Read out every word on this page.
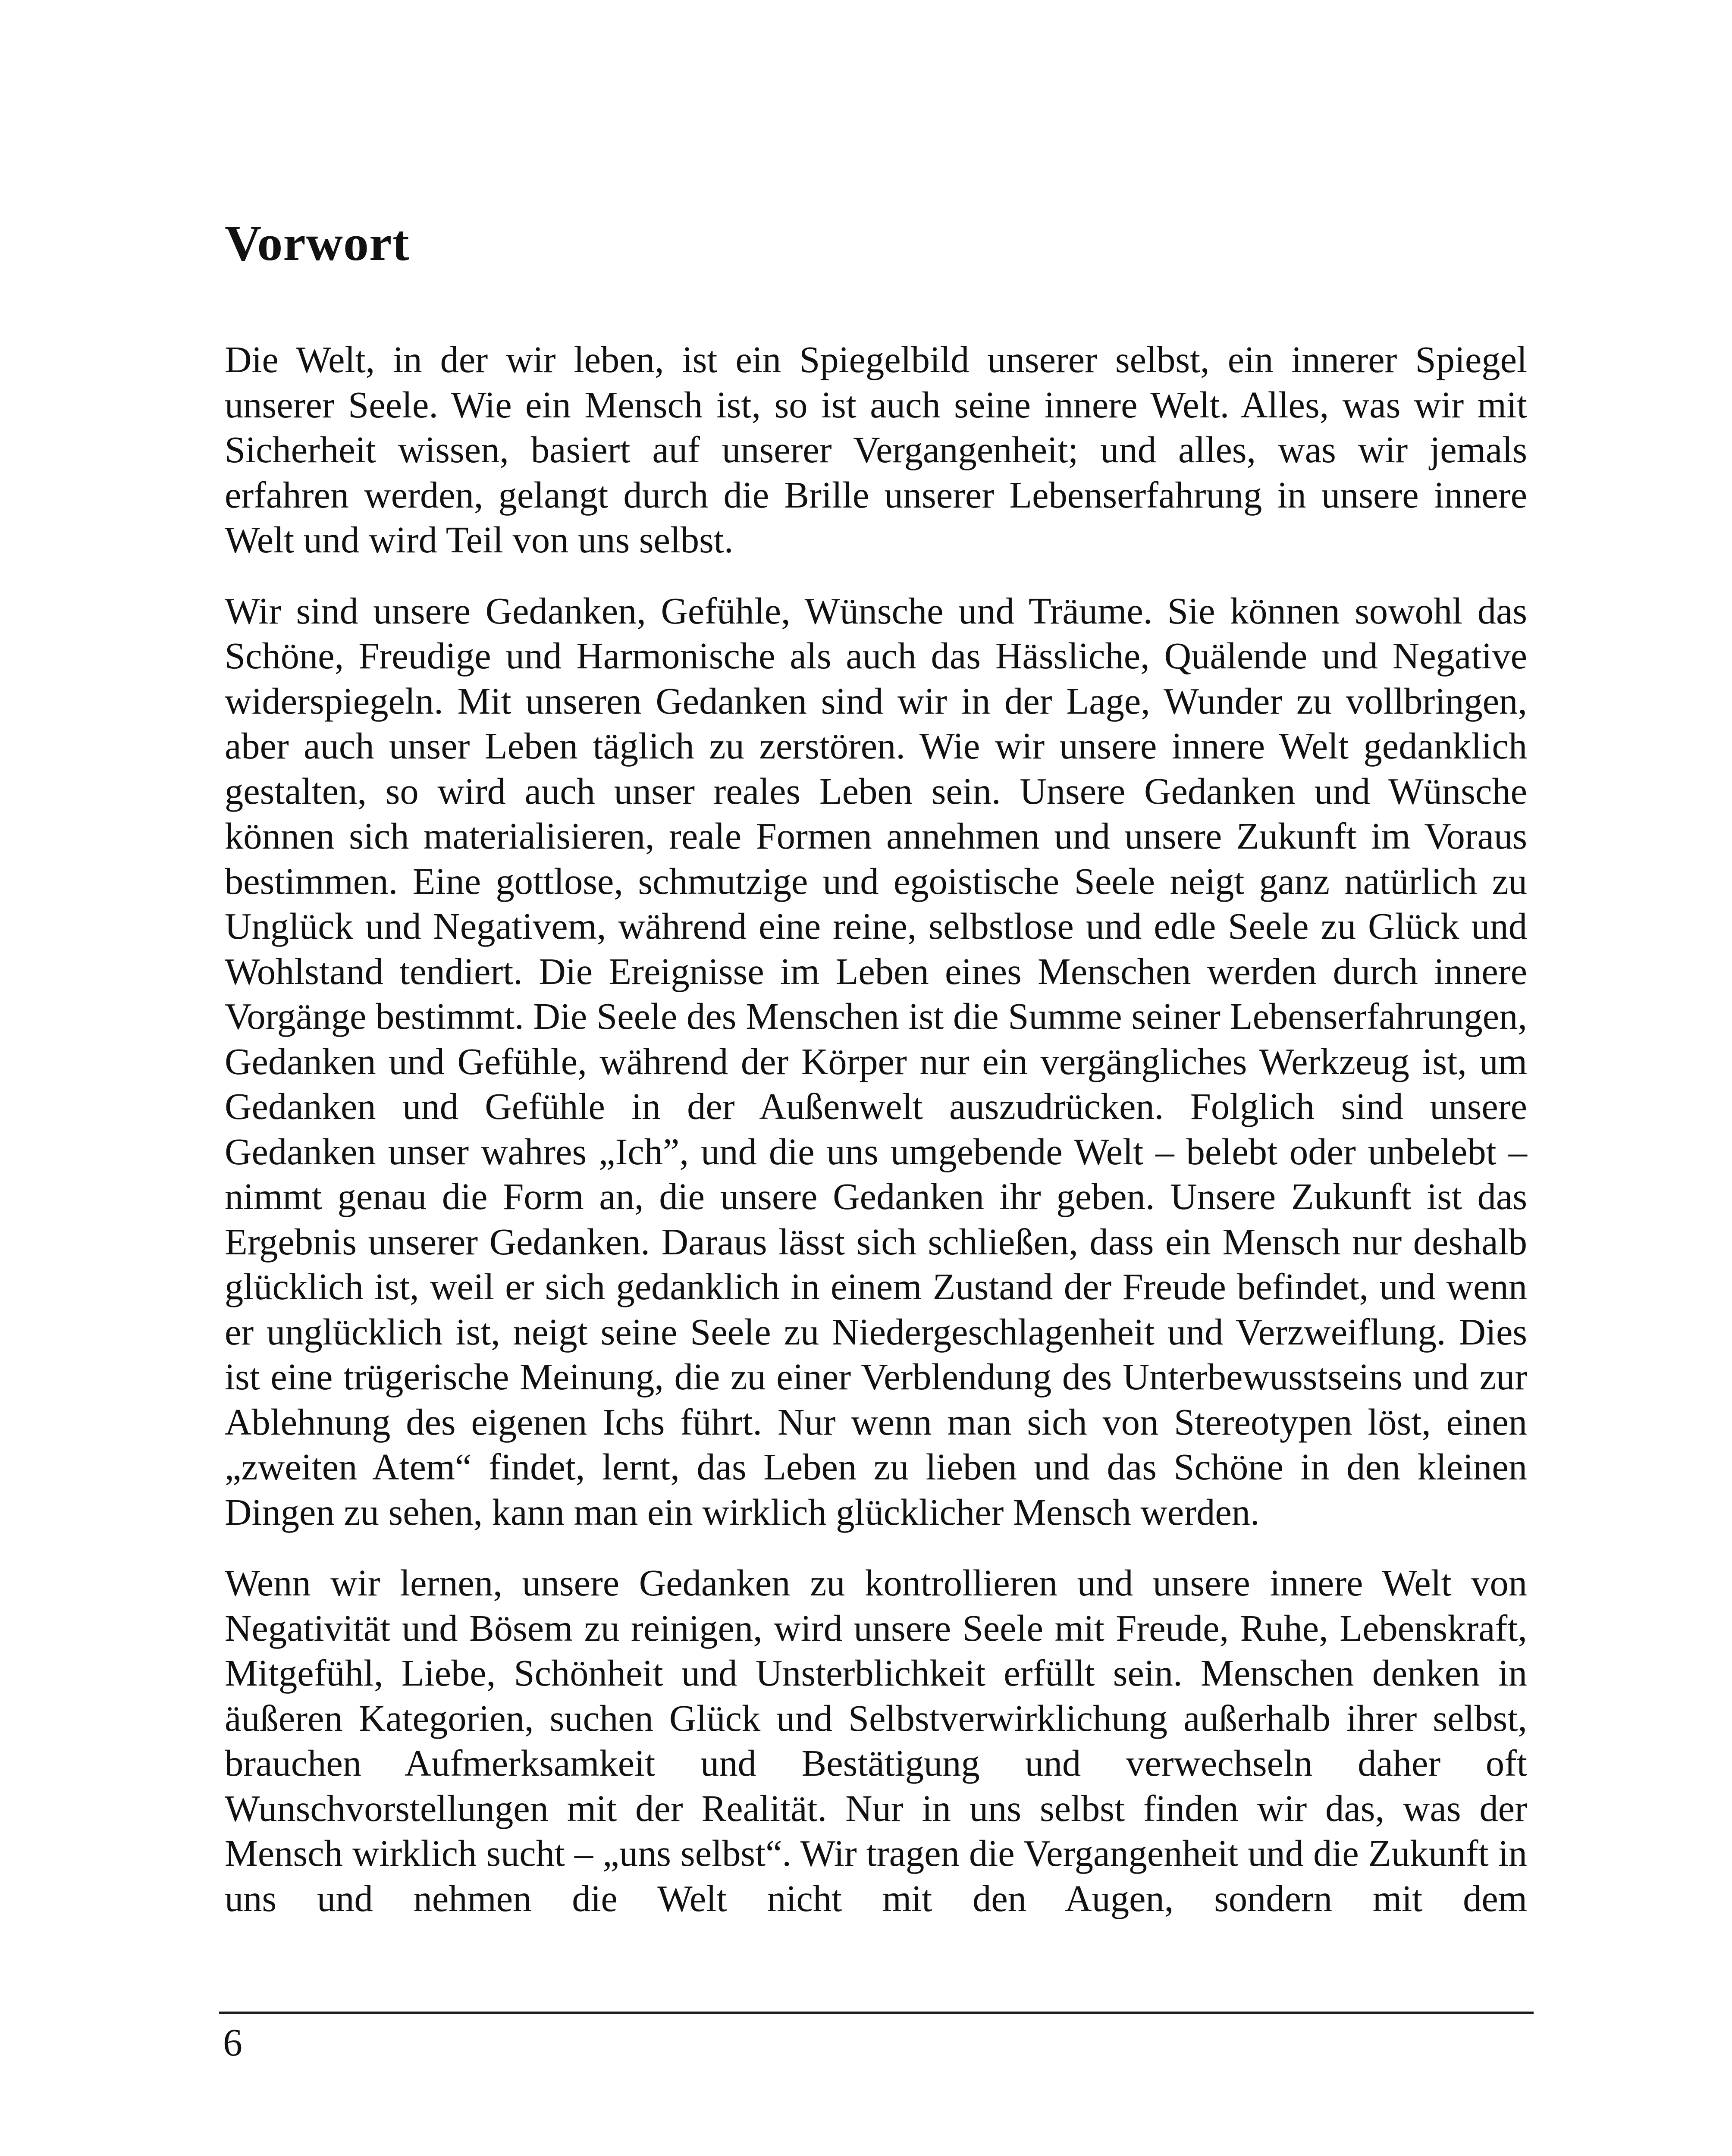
Vorwort

Die Welt, in der wir leben, ist ein Spiegelbild unserer selbst, ein innerer Spiegel unserer Seele. Wie ein Mensch ist, so ist auch seine innere Welt. Alles, was wir mit Sicherheit wissen, basiert auf unserer Vergangenheit; und alles, was wir jemals erfahren werden, gelangt durch die Brille unserer Lebenserfahrung in unsere innere Welt und wird Teil von uns selbst.

Wir sind unsere Gedanken, Gefühle, Wünsche und Träume. Sie können sowohl das Schöne, Freudige und Harmonische als auch das Hässliche, Quälende und Negative widerspiegeln. Mit unseren Gedanken sind wir in der Lage, Wunder zu vollbringen, aber auch unser Leben täglich zu zerstören. Wie wir unsere innere Welt gedanklich gestalten, so wird auch unser reales Leben sein. Unsere Gedanken und Wünsche können sich materialisieren, reale Formen annehmen und unsere Zukunft im Voraus bestimmen. Eine gottlose, schmutzige und egoistische Seele neigt ganz natürlich zu Unglück und Negativem, während eine reine, selbstlose und edle Seele zu Glück und Wohlstand tendiert. Die Ereignisse im Leben eines Menschen werden durch innere Vorgänge bestimmt. Die Seele des Menschen ist die Summe seiner Lebenserfahrungen, Gedanken und Gefühle, während der Körper nur ein vergängliches Werkzeug ist, um Gedanken und Gefühle in der Außenwelt auszudrücken. Folglich sind unsere Gedanken unser wahres „Ich”, und die uns umgebende Welt – belebt oder unbelebt – nimmt genau die Form an, die unsere Gedanken ihr geben. Unsere Zukunft ist das Ergebnis unserer Gedanken. Daraus lässt sich schließen, dass ein Mensch nur deshalb glücklich ist, weil er sich gedanklich in einem Zustand der Freude befindet, und wenn er unglücklich ist, neigt seine Seele zu Niedergeschlagenheit und Verzweiflung. Dies ist eine trügerische Meinung, die zu einer Verblendung des Unterbewusstseins und zur Ablehnung des eigenen Ichs führt. Nur wenn man sich von Stereotypen löst, einen „zweiten Atem“ findet, lernt, das Leben zu lieben und das Schöne in den kleinen Dingen zu sehen, kann man ein wirklich glücklicher Mensch werden.

Wenn wir lernen, unsere Gedanken zu kontrollieren und unsere innere Welt von Negativität und Bösem zu reinigen, wird unsere Seele mit Freude, Ruhe, Lebenskraft, Mitgefühl, Liebe, Schönheit und Unsterblichkeit erfüllt sein. Menschen denken in äußeren Kategorien, suchen Glück und Selbstverwirklichung außerhalb ihrer selbst, brauchen Aufmerksamkeit und Bestätigung und verwechseln daher oft Wunschvorstellungen mit der Realität. Nur in uns selbst finden wir das, was der Mensch wirklich sucht – „uns selbst“. Wir tragen die Vergangenheit und die Zukunft in uns und nehmen die Welt nicht mit den Augen, sondern mit dem

6
